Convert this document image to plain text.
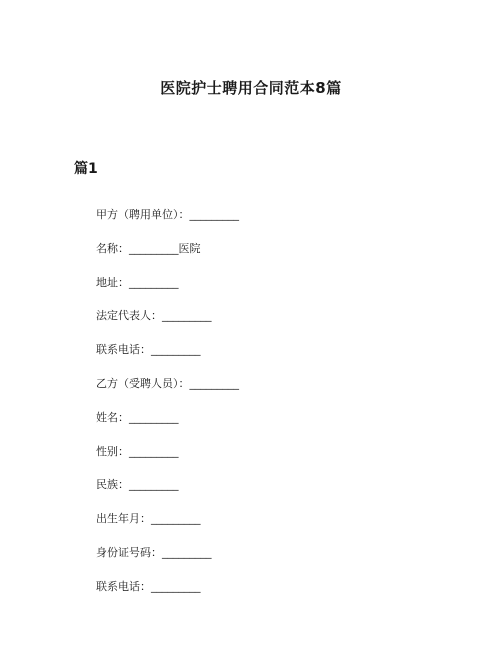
医院护士聘用合同范本8篇
篇1
甲方（聘用单位）：_________
名称：_________医院
地址：_________
法定代表人：_________
联系电话：_________
乙方（受聘人员）：_________
姓名：_________
性别：_________
民族：_________
出生年月：_________
身份证号码：_________
联系电话：_________
